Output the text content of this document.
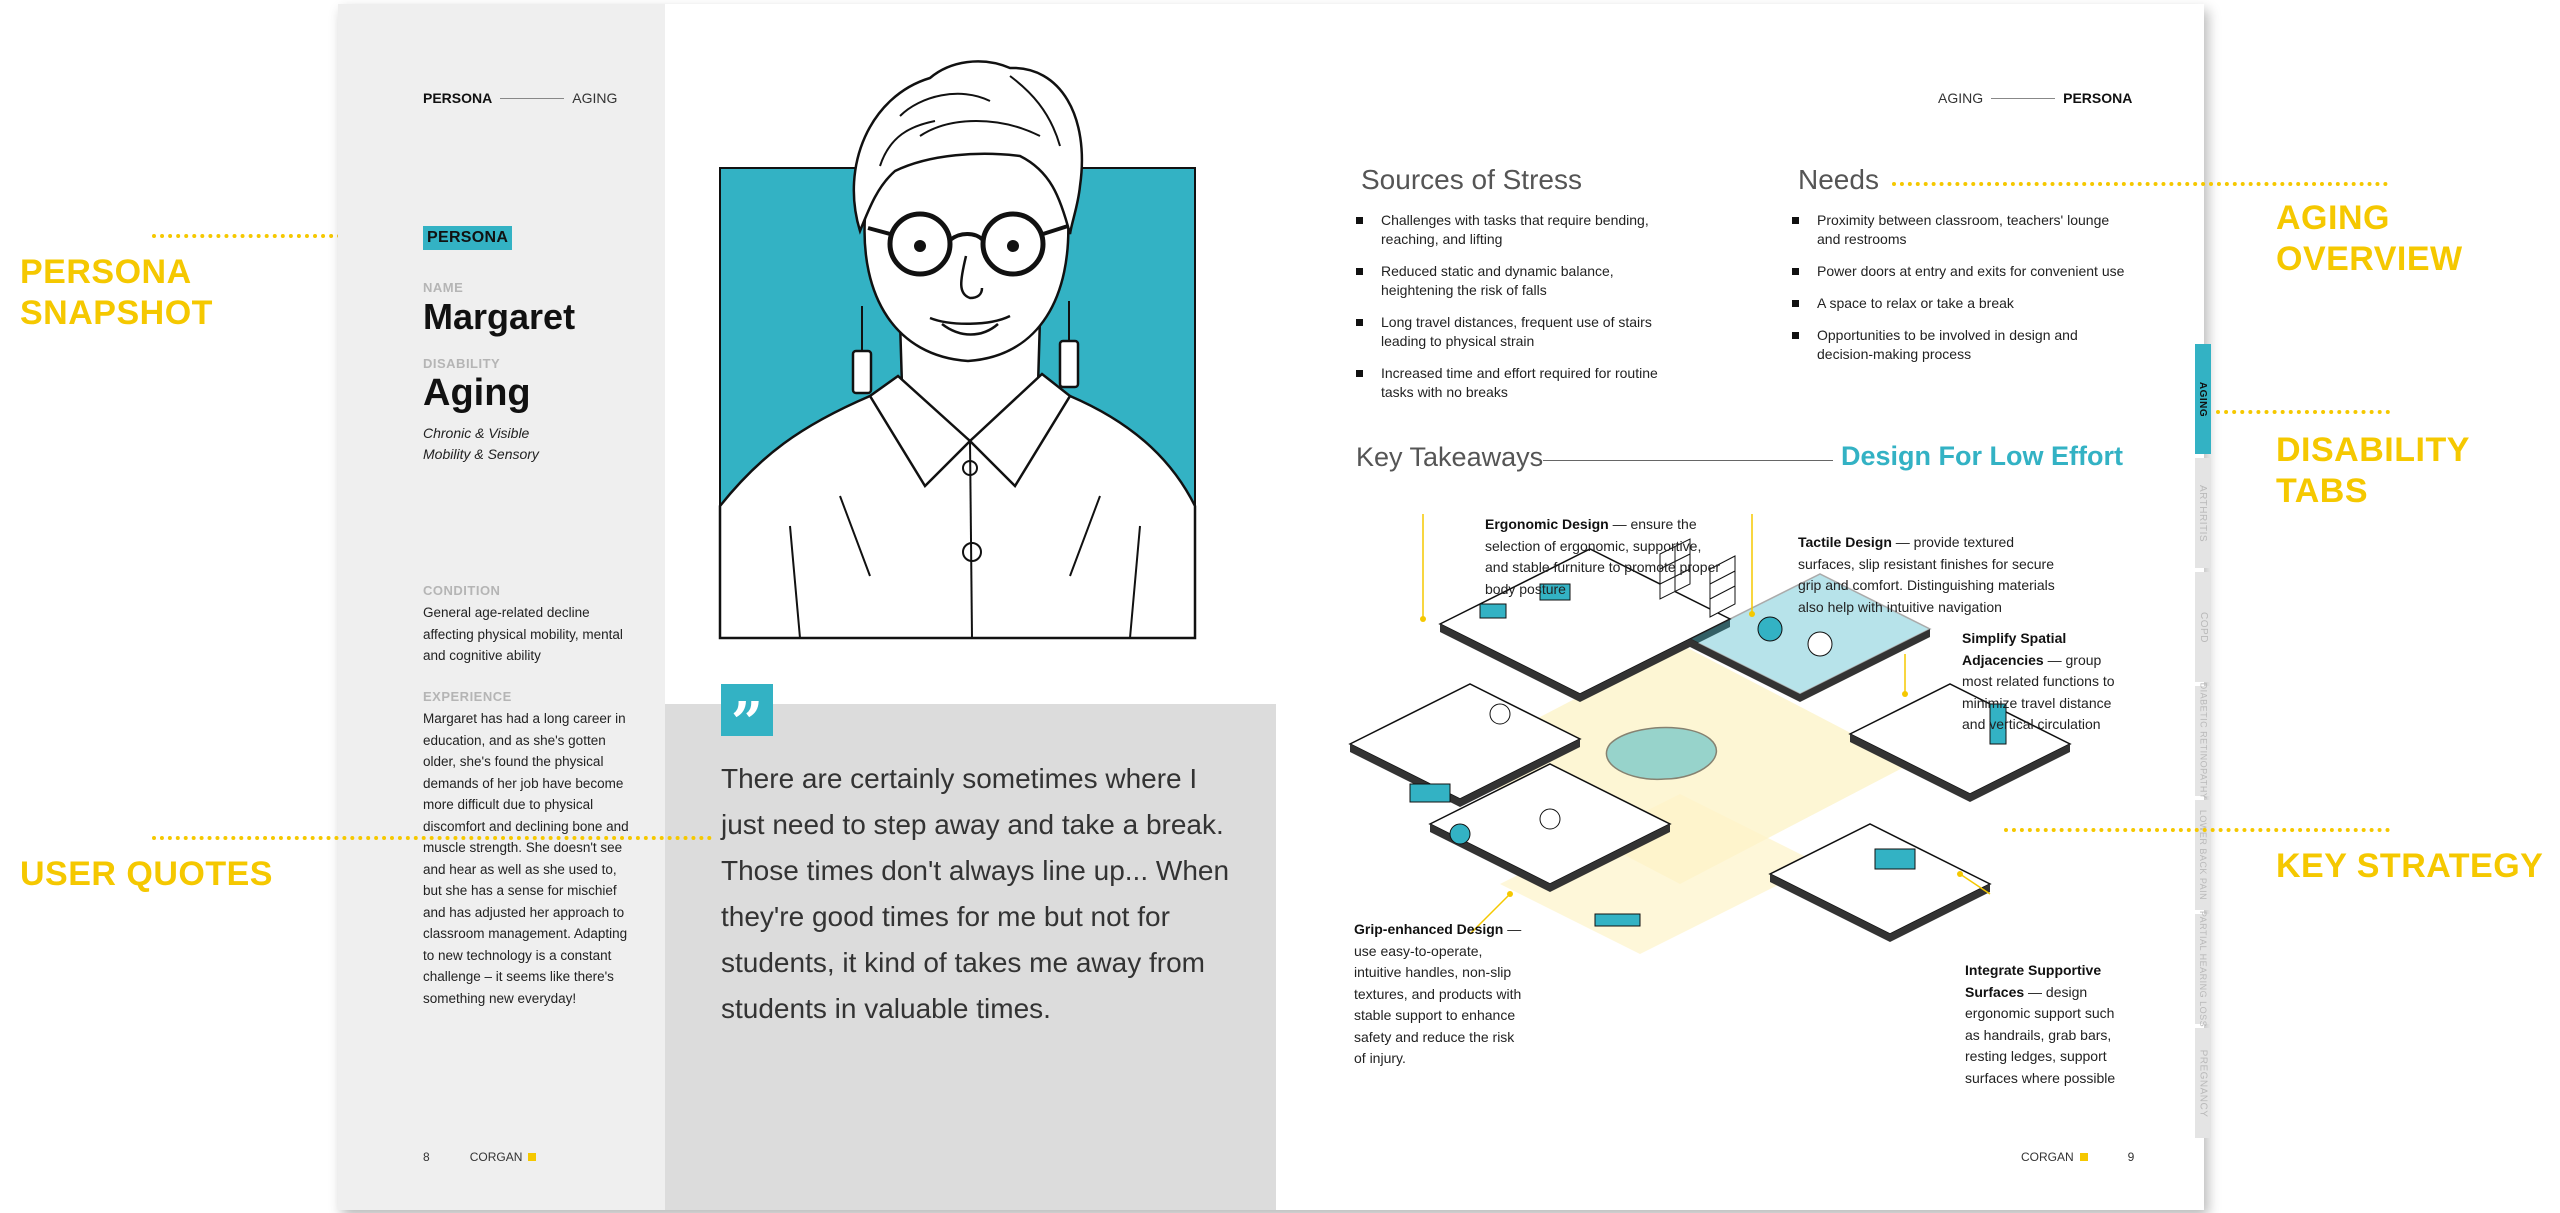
PERSONA
SNAPSHOT
USER QUOTES
AGING
OVERVIEW
DISABILITY
TABS
KEY STRATEGY
PERSONA	AGING
PERSONA
NAME
Margaret
DISABILITY
Aging
Chronic & Visible
Mobility & Sensory
CONDITION
General age-related decline affecting physical mobility, mental and cognitive ability
EXPERIENCE
Margaret has had a long career in education, and as she's gotten older, she's found the physical demands of her job have become more difficult due to physical discomfort and declining bone and muscle strength. She doesn't see and hear as well as she used to, but she has a sense for mischief and has adjusted her approach to classroom management. Adapting to new technology is a constant challenge – it seems like there's something new everyday!
”
There are certainly sometimes where I just need to step away and take a break. Those times don't always line up... When they're good times for me but not for students, it kind of takes me away from students in valuable times.
8	CORGAN
AGING	PERSONA
Sources of Stress
Challenges with tasks that require bending, reaching, and lifting
Reduced static and dynamic balance, heightening the risk of falls
Long travel distances, frequent use of stairs leading to physical strain
Increased time and effort required for routine tasks with no breaks
Needs
Proximity between classroom, teachers' lounge and restrooms
Power doors at entry and exits for convenient use
A space to relax or take a break
Opportunities to be involved in design and decision-making process
Key Takeaways	Design For Low Effort
Ergonomic Design — ensure the selection of ergonomic, supportive, and stable furniture to promote proper body posture
Tactile Design — provide textured surfaces, slip resistant finishes for secure grip and comfort. Distinguishing materials also help with intuitive navigation
Simplify Spatial Adjacencies — group most related functions to minimize travel distance and vertical circulation
Grip-enhanced Design — use easy-to-operate, intuitive handles, non-slip textures, and products with stable support to enhance safety and reduce the risk of injury.
Integrate Supportive Surfaces — design ergonomic support such as handrails, grab bars, resting ledges, support surfaces where possible
AGING
ARTHRITIS
COPD
DIABETIC RETINOPATHY
LOWER BACK PAIN
PARTIAL HEARING LOSS
PREGNANCY
CORGAN	9
